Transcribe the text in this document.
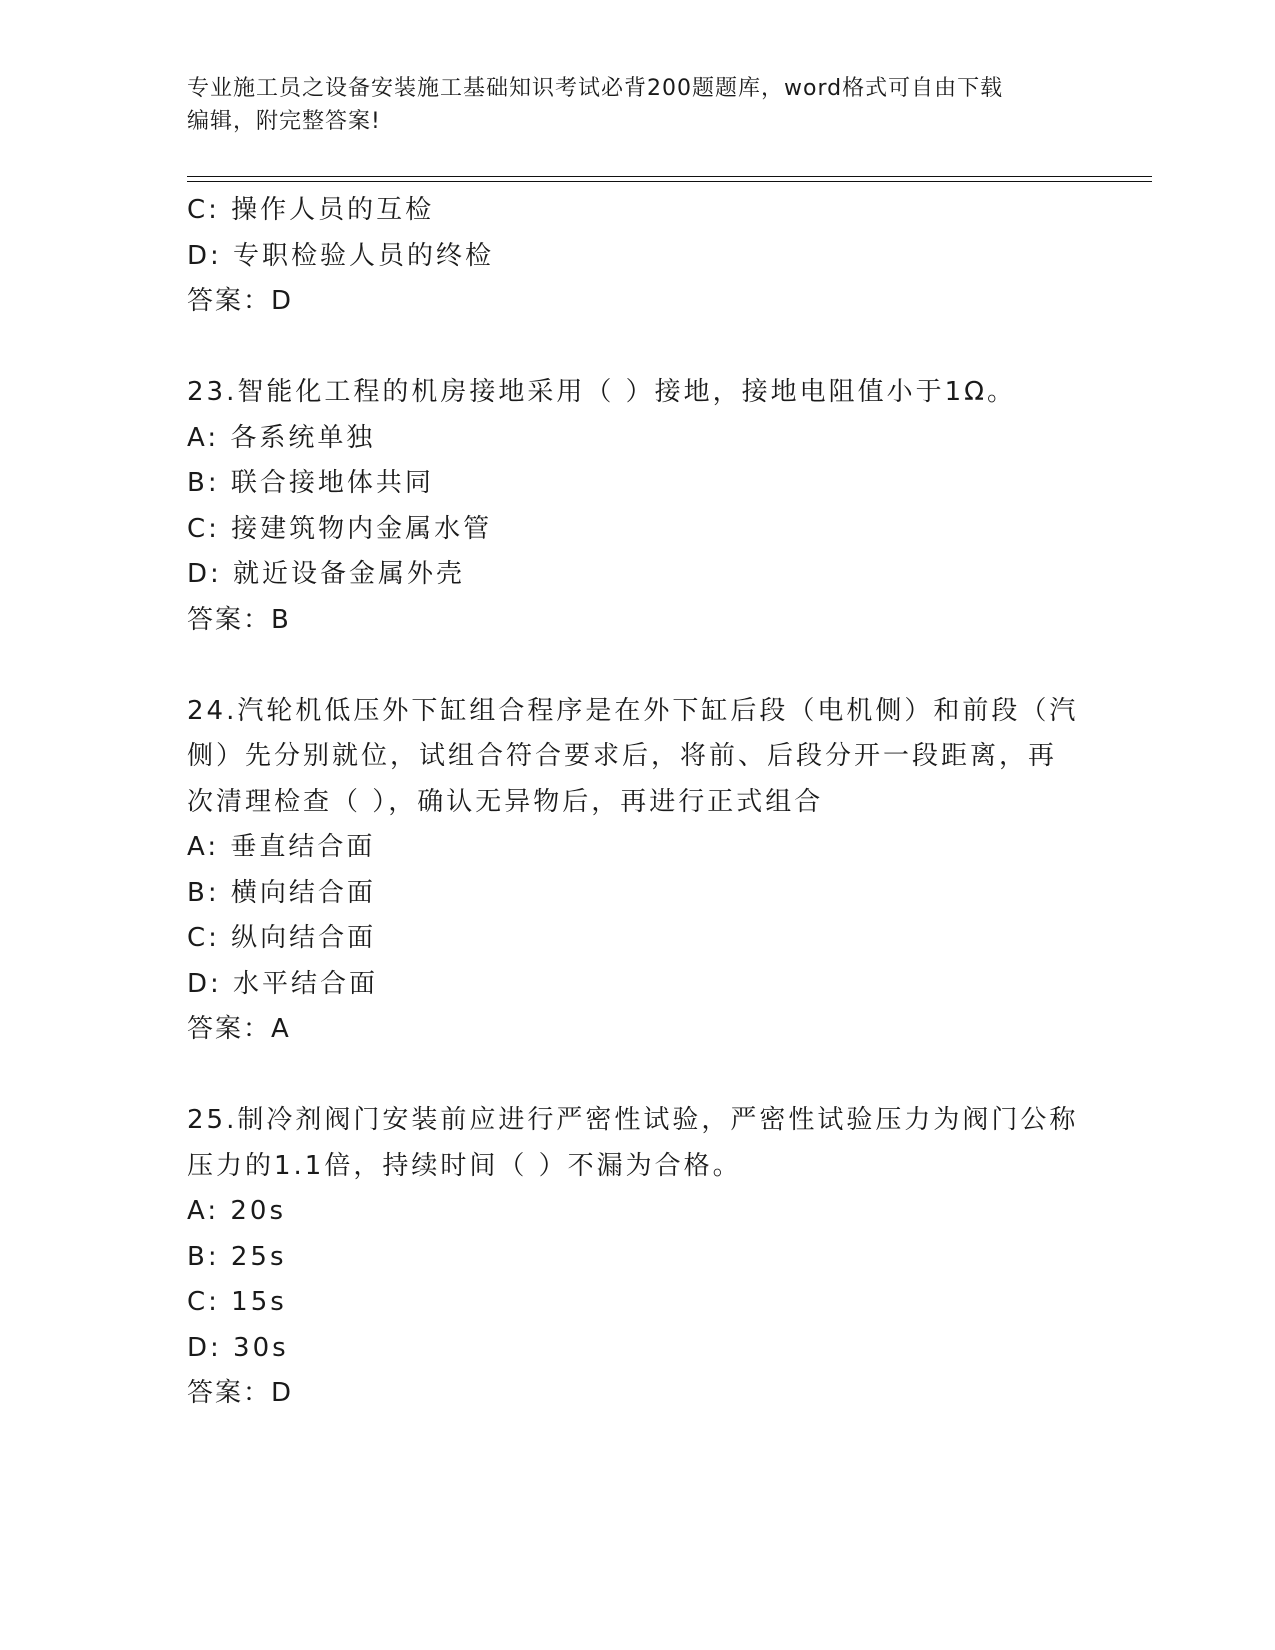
专业施工员之设备安装施工基础知识考试必背200题题库，word格式可自由下载
编辑，附完整答案!
C: 操作人员的互检
D: 专职检验人员的终检
答案：D
23.智能化工程的机房接地采用（ ）接地，接地电阻值小于1Ω。
A: 各系统单独
B: 联合接地体共同
C: 接建筑物内金属水管
D: 就近设备金属外壳
答案：B
24.汽轮机低压外下缸组合程序是在外下缸后段（电机侧）和前段（汽
侧）先分别就位，试组合符合要求后，将前、后段分开一段距离，再
次清理检查（ ），确认无异物后，再进行正式组合
A: 垂直结合面
B: 横向结合面
C: 纵向结合面
D: 水平结合面
答案：A
25.制冷剂阀门安装前应进行严密性试验，严密性试验压力为阀门公称
压力的1.1倍，持续时间（ ）不漏为合格。
A: 20s
B: 25s
C: 15s
D: 30s
答案：D
